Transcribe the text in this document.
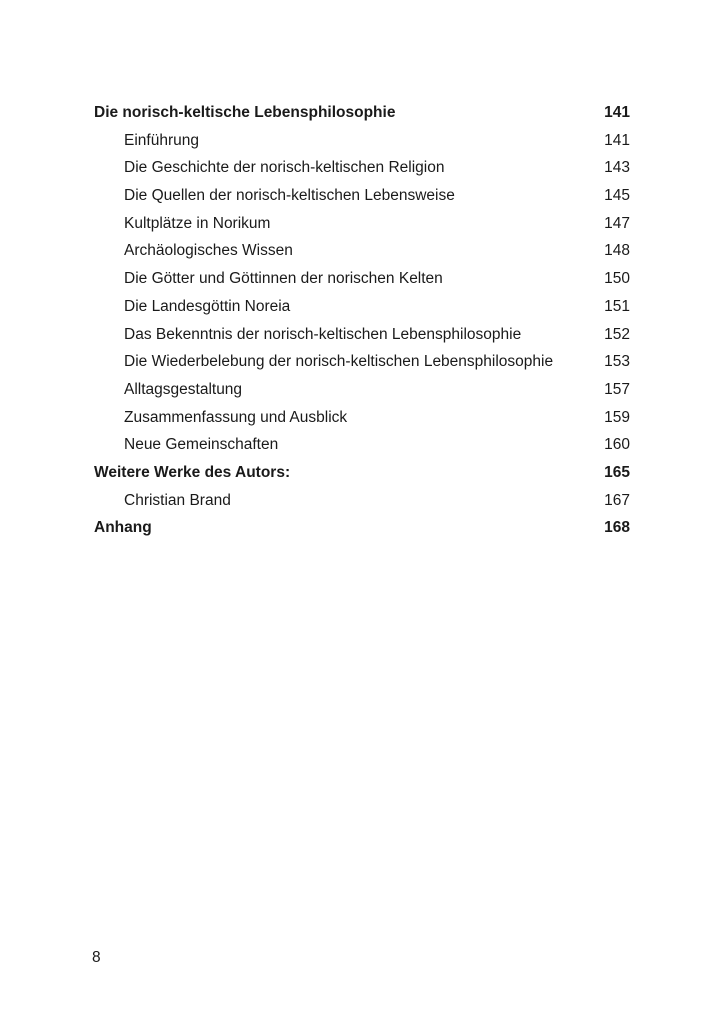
Die norisch-keltische Lebensphilosophie	141
Einführung	141
Die Geschichte der norisch-keltischen Religion	143
Die Quellen der norisch-keltischen Lebensweise	145
Kultplätze in Norikum	147
Archäologisches Wissen	148
Die Götter und Göttinnen der norischen Kelten	150
Die Landesgöttin Noreia	151
Das Bekenntnis der norisch-keltischen Lebensphilosophie	152
Die Wiederbelebung der norisch-keltischen Lebensphilosophie	153
Alltagsgestaltung	157
Zusammenfassung und Ausblick	159
Neue Gemeinschaften	160
Weitere Werke des Autors:	165
Christian Brand	167
Anhang	168
8
